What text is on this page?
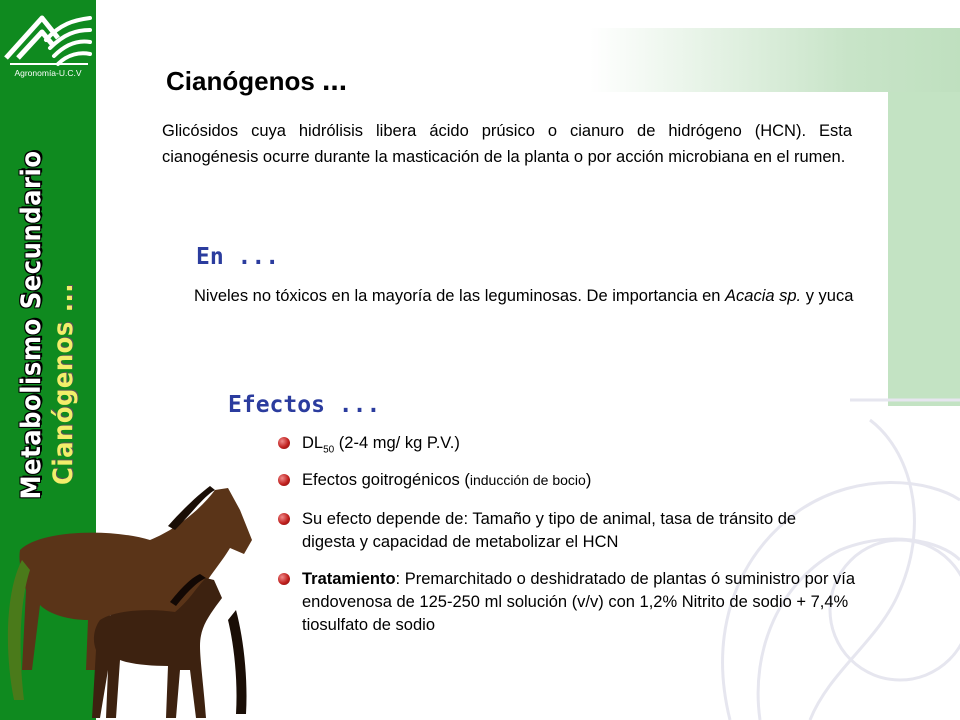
Agronomía-U.C.V
Metabolismo Secundario Cianógenos ...
Cianógenos ...
Glicósidos cuya hidrólisis libera ácido prúsico o cianuro de hidrógeno (HCN). Esta cianogénesis ocurre durante la masticación de la planta o por acción microbiana en el rumen.
En ...
Niveles no tóxicos en la mayoría de las leguminosas. De importancia en Acacia sp. y yuca
Efectos ...
$DL_{50}$ (2-4 mg/ kg P.V.)
Efectos goitrogénicos (inducción de bocio)
Su efecto depende de: Tamaño y tipo de animal, tasa de tránsito de digesta y capacidad de metabolizar el HCN
Tratamiento: Premarchitado o deshidratado de plantas ó suministro por vía endovenosa de 125-250 ml solución (v/v) con 1,2% Nitrito de sodio + 7,4% tiosulfato de sodio
